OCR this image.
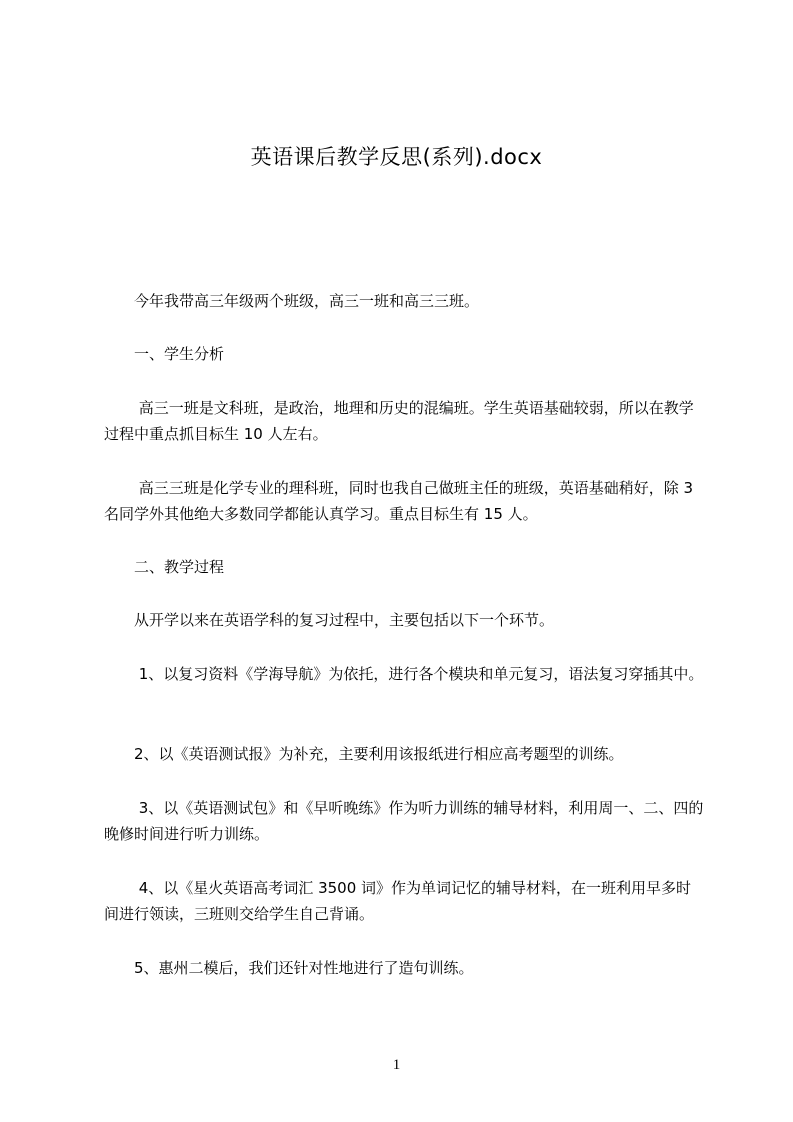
英语课后教学反思(系列).docx

　　今年我带高三年级两个班级，高三一班和高三三班。

　　一、学生分析

　　 高三一班是文科班，是政治，地理和历史的混编班。学生英语基础较弱，所以在教学过程中重点抓目标生 10 人左右。

　　 高三三班是化学专业的理科班，同时也我自己做班主任的班级，英语基础稍好，除 3 名同学外其他绝大多数同学都能认真学习。重点目标生有 15 人。

　　二、教学过程

　　从开学以来在英语学科的复习过程中，主要包括以下一个环节。

　　 1、以复习资料《学海导航》为依托，进行各个模块和单元复习，语法复习穿插其中。

　　2、以《英语测试报》为补充，主要利用该报纸进行相应高考题型的训练。

　　 3、以《英语测试包》和《早听晚练》作为听力训练的辅导材料，利用周一、二、四的晚修时间进行听力训练。

　　 4、以《星火英语高考词汇 3500 词》作为单词记忆的辅导材料，在一班利用早多时间进行领读，三班则交给学生自己背诵。

　　5、惠州二模后，我们还针对性地进行了造句训练。

1
